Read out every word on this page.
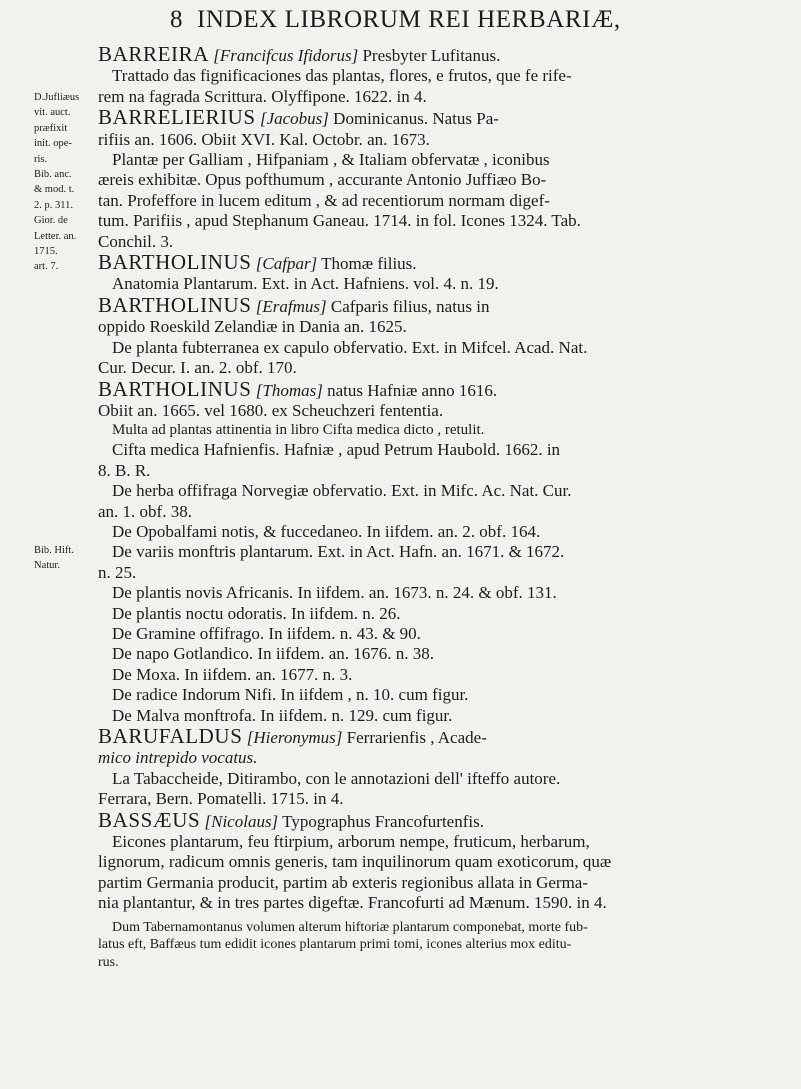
8 INDEX LIBRORUM REI HERBARIÆ,
D.Jufliæus
vit. auct.
præfixit
init. ope-
ris.
Bib. anc.
& mod. t.
2. p. 311.
Gior. de
Letter. an.
1715.
art. 7.
Bib. Hift.
Natur.

BARREIRA [Francifcus Ifidorus] Presbyter Lufitanus.

Trattado das fignificaciones das plantas, flores, e frutos, que fe rife-

rem na fagrada Scrittura. Olyffipone. 1622. in 4.

BARRELIERIUS [Jacobus] Dominicanus. Natus Pa-

rifiis an. 1606. Obiit XVI. Kal. Octobr. an. 1673.

Plantæ per Galliam , Hifpaniam , & Italiam obfervatæ , iconibus

æreis exhibitæ. Opus pofthumum , accurante Antonio Juffiæo Bo-

tan. Profeffore in lucem editum , & ad recentiorum normam digef-

tum. Parifiis , apud Stephanum Ganeau. 1714. in fol. Icones 1324. Tab.

Conchil. 3.

BARTHOLINUS [Cafpar] Thomæ filius.

Anatomia Plantarum. Ext. in Act. Hafniens. vol. 4. n. 19.

BARTHOLINUS [Erafmus] Cafparis filius, natus in

oppido Roeskild Zelandiæ in Dania an. 1625.

De planta fubterranea ex capulo obfervatio. Ext. in Mifcel. Acad. Nat.

Cur. Decur. I. an. 2. obf. 170.

BARTHOLINUS [Thomas] natus Hafniæ anno 1616.

Obiit an. 1665. vel 1680. ex Scheuchzeri fententia.

Multa ad plantas attinentia in libro Cifta medica dicto , retulit.

Cifta medica Hafnienfis. Hafniæ , apud Petrum Haubold. 1662. in

8. B. R.

De herba offifraga Norvegiæ obfervatio. Ext. in Mifc. Ac. Nat. Cur.

an. 1. obf. 38.

De Opobalfami notis, & fuccedaneo. In iifdem. an. 2. obf. 164.

De variis monftris plantarum. Ext. in Act. Hafn. an. 1671. & 1672.

n. 25.

De plantis novis Africanis. In iifdem. an. 1673. n. 24. & obf. 131.

De plantis noctu odoratis. In iifdem. n. 26.

De Gramine offifrago. In iifdem. n. 43. & 90.

De napo Gotlandico. In iifdem. an. 1676. n. 38.

De Moxa. In iifdem. an. 1677. n. 3.

De radice Indorum Nifi. In iifdem , n. 10. cum figur.

De Malva monftrofa. In iifdem. n. 129. cum figur.

BARUFALDUS [Hieronymus] Ferrarienfis , Acade-

mico intrepido vocatus.

La Tabaccheide, Ditirambo, con le annotazioni dell' ifteffo autore.

Ferrara, Bern. Pomatelli. 1715. in 4.

BASSÆUS [Nicolaus] Typographus Francofurtenfis.

Eicones plantarum, feu ftirpium, arborum nempe, fruticum, herbarum,

lignorum, radicum omnis generis, tam inquilinorum quam exoticorum, quæ

partim Germania producit, partim ab exteris regionibus allata in Germa-

nia plantantur, & in tres partes digeftæ. Francofurti ad Mænum. 1590. in 4.

Dum Tabernamontanus volumen alterum hiftoriæ plantarum componebat, morte fub-
latus eft, Baffæus tum edidit icones plantarum primi tomi, icones alterius mox editu-
rus.
